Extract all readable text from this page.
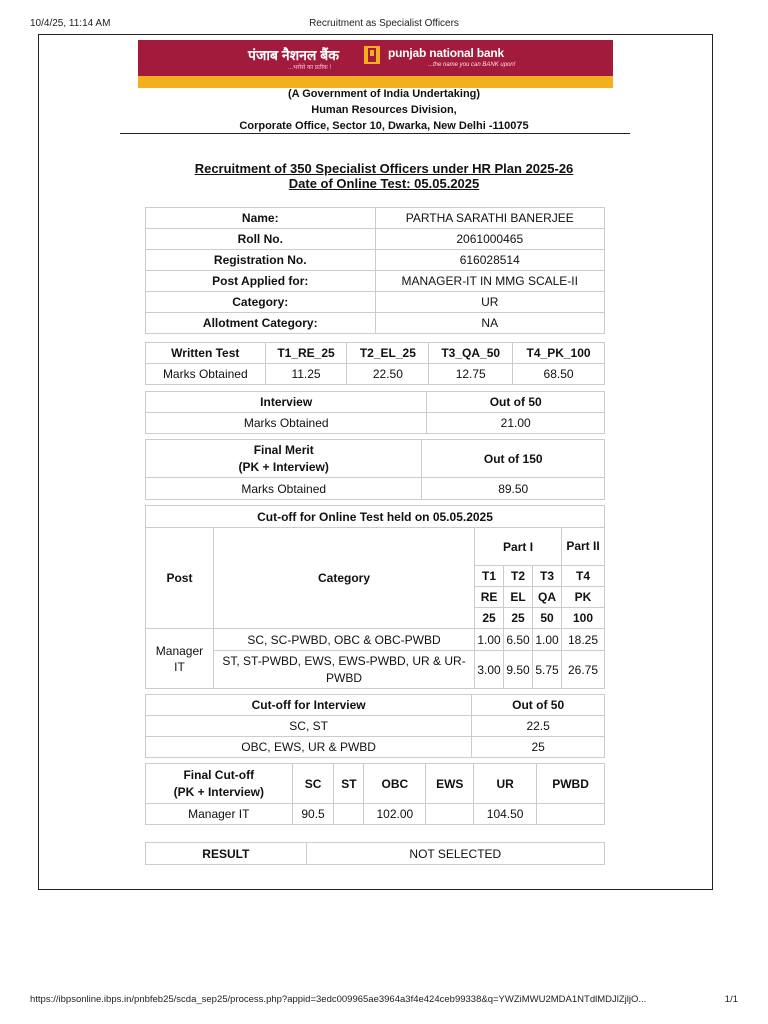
10/4/25, 11:14 AM	Recruitment as Specialist Officers
पंजाब नैशनल बैंक
...भरोसे का प्रतीक !
punjab national bank
...the name you can BANK upon!
(A Government of India Undertaking)
Human Resources Division,
Corporate Office, Sector 10, Dwarka, New Delhi -110075
Recruitment of 350 Specialist Officers under HR Plan 2025-26
Date of Online Test: 05.05.2025
Name:	PARTHA SARATHI BANERJEE
Roll No.	2061000465
Registration No.	616028514
Post Applied for:	MANAGER-IT IN MMG SCALE-II
Category:	UR
Allotment Category:	NA
Written Test	T1_RE_25	T2_EL_25	T3_QA_50	T4_PK_100
Marks Obtained	11.25	22.50	12.75	68.50
Interview	Out of 50
Marks Obtained	21.00
Final Merit
(PK + Interview)	Out of 150
Marks Obtained	89.50
Cut-off for Online Test held on 05.05.2025					
Post	Category	Part I			Part II
		T1	T2	T3	T4
		RE	EL	QA	PK
		25	25	50	100
Manager IT	SC, SC-PWBD, OBC & OBC-PWBD	1.00	6.50	1.00	18.25
	ST, ST-PWBD, EWS, EWS-PWBD, UR & UR-PWBD	3.00	9.50	5.75	26.75
Cut-off for Interview	Out of 50
SC, ST	22.5
OBC, EWS, UR & PWBD	25
Final Cut-off
(PK + Interview)	SC	ST	OBC	EWS	UR	PWBD
Manager IT	90.5		102.00		104.50	
RESULT	NOT SELECTED
https://ibpsonline.ibps.in/pnbfeb25/scda_sep25/process.php?appid=3edc009965ae3964a3f4e424ceb99338&q=YWZiMWU2MDA1NTdlMDJlZjljO...	1/1
